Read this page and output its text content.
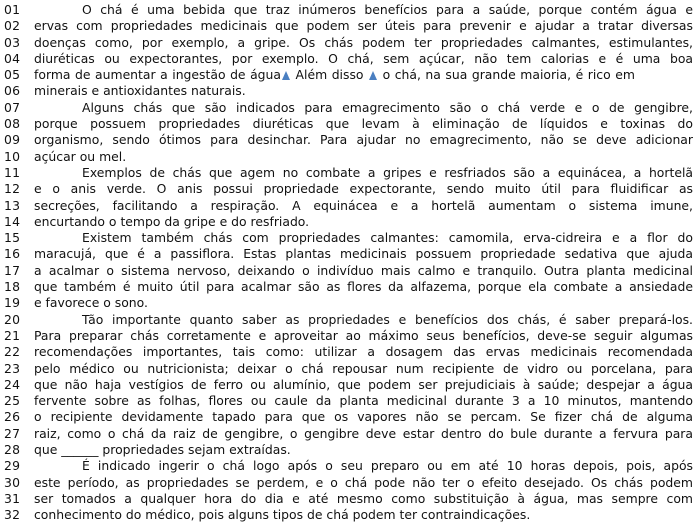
01	O chá é uma bebida que traz inúmeros benefícios para a saúde, porque contém água e
02	ervas com propriedades medicinais que podem ser úteis para prevenir e ajudar a tratar diversas
03	doenças como, por exemplo, a gripe. Os chás podem ter propriedades calmantes, estimulantes,
04	diuréticas ou expectorantes, por exemplo. O chá, sem açúcar, não tem calorias e é uma boa
05	forma de aumentar a ingestão de água Além disso  o chá, na sua grande maioria, é rico em
06	minerais e antioxidantes naturais.
07	Alguns chás que são indicados para emagrecimento são o chá verde e o de gengibre,
08	porque possuem propriedades diuréticas que levam à eliminação de líquidos e toxinas do
09	organismo, sendo ótimos para desinchar. Para ajudar no emagrecimento, não se deve adicionar
10	açúcar ou mel.
11	Exemplos de chás que agem no combate a gripes e resfriados são a equinácea, a hortelã
12	e o anis verde. O anis possui propriedade expectorante, sendo muito útil para fluidificar as
13	secreções, facilitando a respiração. A equinácea e a hortelã aumentam o sistema imune,
14	encurtando o tempo da gripe e do resfriado.
15	Existem também chás com propriedades calmantes: camomila, erva-cidreira e a flor do
16	maracujá, que é a passiflora. Estas plantas medicinais possuem propriedade sedativa que ajuda
17	a acalmar o sistema nervoso, deixando o indivíduo mais calmo e tranquilo. Outra planta medicinal
18	que também é muito útil para acalmar são as flores da alfazema, porque ela combate a ansiedade
19	e favorece o sono.
20	Tão importante quanto saber as propriedades e benefícios dos chás, é saber prepará-los.
21	Para preparar chás corretamente e aproveitar ao máximo seus benefícios, deve-se seguir algumas
22	recomendações importantes, tais como: utilizar a dosagem das ervas medicinais recomendada
23	pelo médico ou nutricionista; deixar o chá repousar num recipiente de vidro ou porcelana, para
24	que não haja vestígios de ferro ou alumínio, que podem ser prejudiciais à saúde; despejar a água
25	fervente sobre as folhas, flores ou caule da planta medicinal durante 3 a 10 minutos, mantendo
26	o recipiente devidamente tapado para que os vapores não se percam. Se fizer chá de alguma
27	raiz, como o chá da raiz de gengibre, o gengibre deve estar dentro do bule durante a fervura para
28	que ______ propriedades sejam extraídas.
29	É indicado ingerir o chá logo após o seu preparo ou em até 10 horas depois, pois, após
30	este período, as propriedades se perdem, e o chá pode não ter o efeito desejado. Os chás podem
31	ser tomados a qualquer hora do dia e até mesmo como substituição à água, mas sempre com
32	conhecimento do médico, pois alguns tipos de chá podem ter contraindicações.
